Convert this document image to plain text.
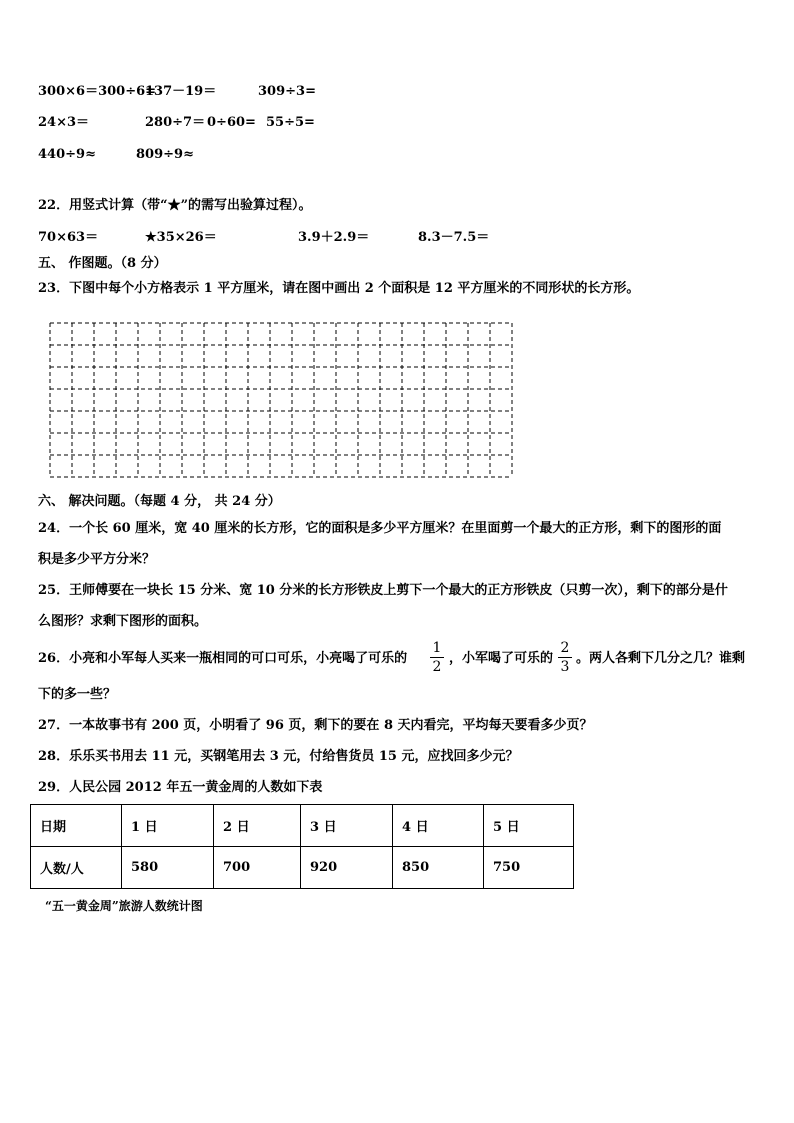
300×6＝300÷6=
137－19＝	309÷3=
24×3＝	280÷7＝ 0÷60= 55÷5=
440÷9≈	809÷9≈
22．用竖式计算（带“★”的需写出验算过程）。
70×63＝	★35×26＝	3.9＋2.9＝	8.3－7.5＝
五、 作图题。（8 分）
23．下图中每个小方格表示 1 平方厘米，请在图中画出 2 个面积是 12 平方厘米的不同形状的长方形。
六、 解决问题。（每题 4 分， 共 24 分）
24．一个长 60 厘米，宽 40 厘米的长方形，它的面积是多少平方厘米？在里面剪一个最大的正方形，剩下的图形的面
积是多少平方分米？
25．王师傅要在一块长 15 分米、宽 10 分米的长方形铁皮上剪下一个最大的正方形铁皮（只剪一次），剩下的部分是什
么图形？求剩下图形的面积。
26．小亮和小军每人买来一瓶相同的可口可乐，小亮喝了可乐的
1
2
，小军喝了可乐的
2
3
。两人各剩下几分之几？谁剩
下的多一些？
27．一本故事书有 200 页，小明看了 96 页，剩下的要在 8 天内看完，平均每天要看多少页？
28．乐乐买书用去 11 元，买钢笔用去 3 元，付给售货员 15 元，应找回多少元？
29．人民公园 2012 年五一黄金周的人数如下表
日期	1 日	2 日	3 日	4 日	5 日
人数/人	580	700	920	850	750
“五一黄金周”旅游人数统计图
